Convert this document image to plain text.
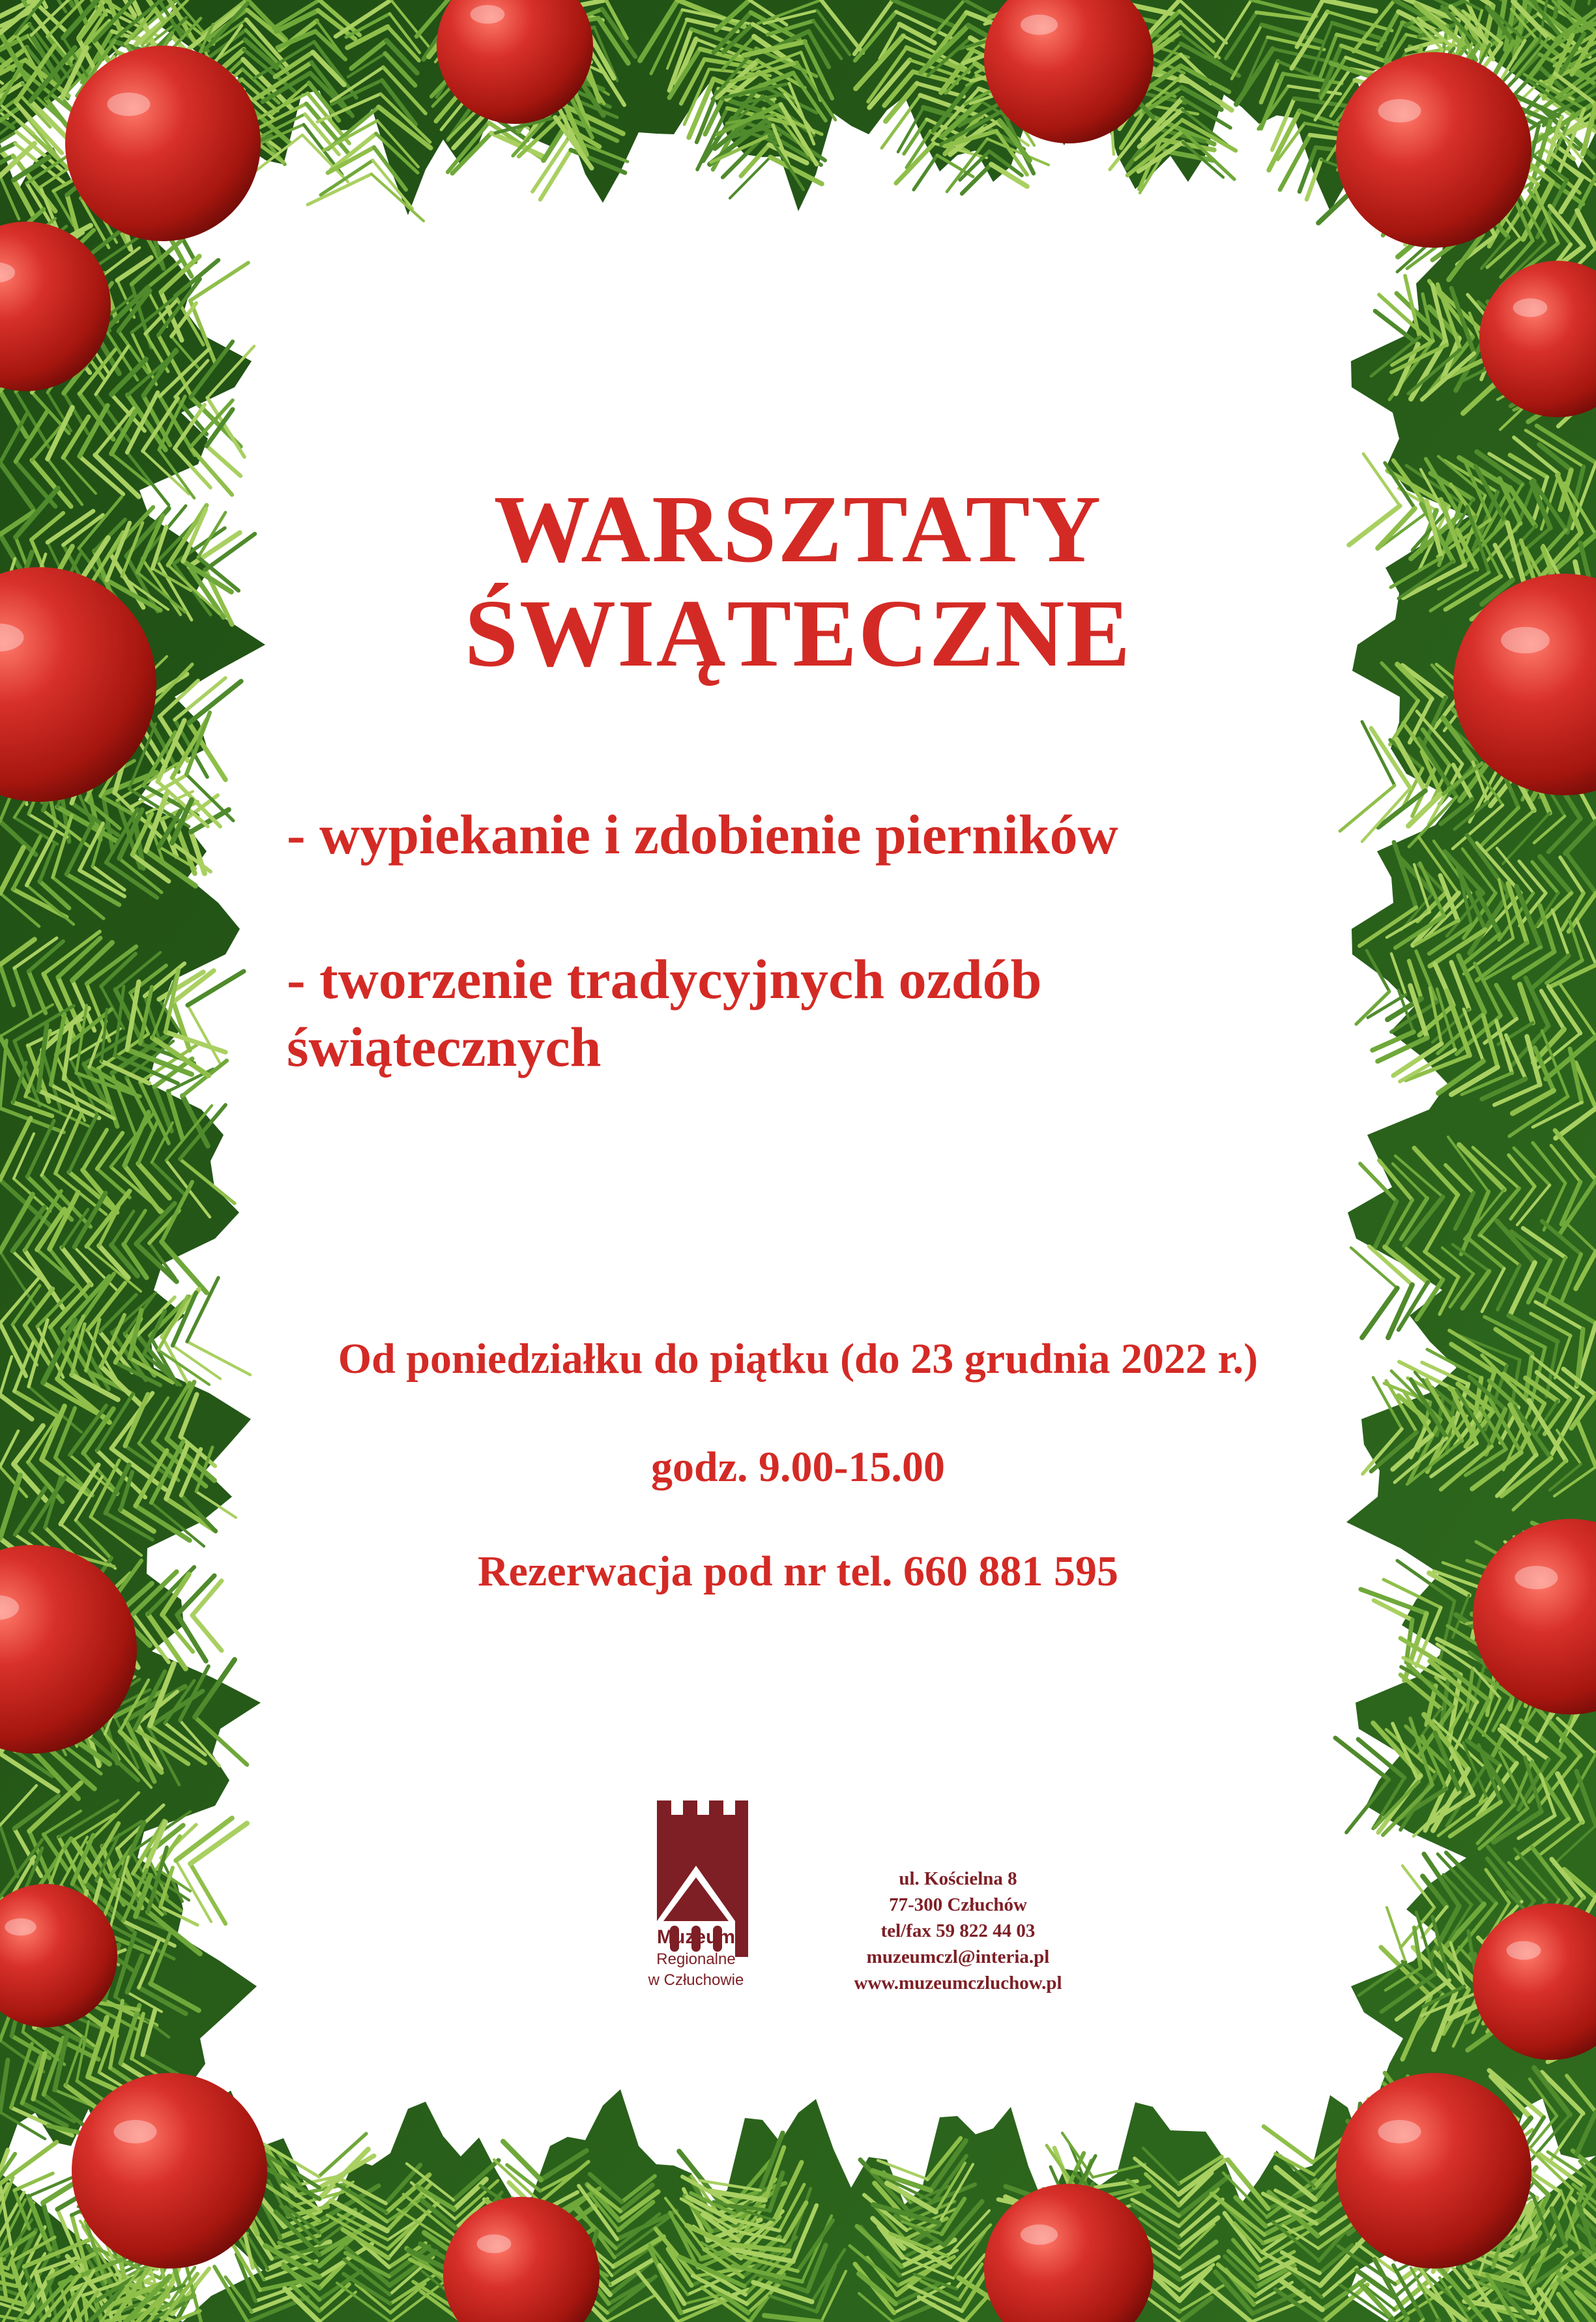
WARSZTATY
ŚWIĄTECZNE
- wypiekanie i zdobienie pierników
- tworzenie tradycyjnych ozdób
świątecznych
Od poniedziałku do piątku (do 23 grudnia 2022 r.)
godz. 9.00-15.00
Rezerwacja pod nr tel. 660 881 595
Muzeum
Regionalne
w Człuchowie
ul. Kościelna 8
77-300 Człuchów
tel/fax 59 822 44 03
muzeumczl@interia.pl
www.muzeumczluchow.pl
